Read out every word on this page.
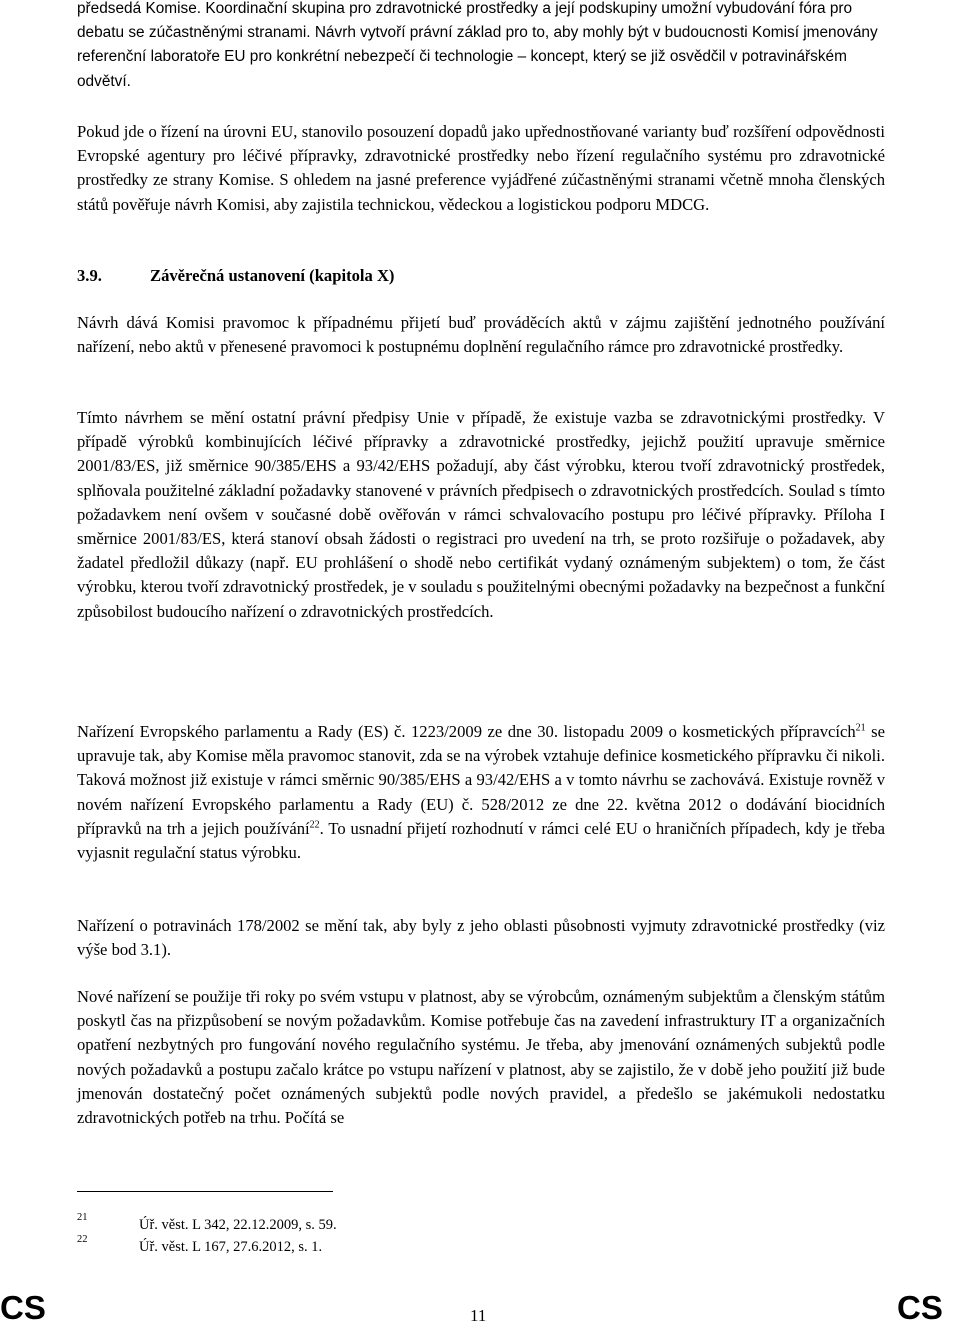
předsedá Komise. Koordinační skupina pro zdravotnické prostředky a její podskupiny umožní vybudování fóra pro debatu se zúčastněnými stranami. Návrh vytvoří právní základ pro to, aby mohly být v budoucnosti Komisí jmenovány referenční laboratoře EU pro konkrétní nebezpečí či technologie – koncept, který se již osvědčil v potravinářském odvětví.

Pokud jde o řízení na úrovni EU, stanovilo posouzení dopadů jako upřednostňované varianty buď rozšíření odpovědnosti Evropské agentury pro léčivé přípravky, zdravotnické prostředky nebo řízení regulačního systému pro zdravotnické prostředky ze strany Komise. S ohledem na jasné preference vyjádřené zúčastněnými stranami včetně mnoha členských států pověřuje návrh Komisi, aby zajistila technickou, vědeckou a logistickou podporu MDCG.

3.9.	Závěrečná ustanovení (kapitola X)

Návrh dává Komisi pravomoc k případnému přijetí buď prováděcích aktů v zájmu zajištění jednotného používání nařízení, nebo aktů v přenesené pravomoci k postupnému doplnění regulačního rámce pro zdravotnické prostředky.

Tímto návrhem se mění ostatní právní předpisy Unie v případě, že existuje vazba se zdravotnickými prostředky. V případě výrobků kombinujících léčivé přípravky a zdravotnické prostředky, jejichž použití upravuje směrnice 2001/83/ES, již směrnice 90/385/EHS a 93/42/EHS požadují, aby část výrobku, kterou tvoří zdravotnický prostředek, splňovala použitelné základní požadavky stanovené v právních předpisech o zdravotnických prostředcích. Soulad s tímto požadavkem není ovšem v současné době ověřován v rámci schvalovacího postupu pro léčivé přípravky. Příloha I směrnice 2001/83/ES, která stanoví obsah žádosti o registraci pro uvedení na trh, se proto rozšiřuje o požadavek, aby žadatel předložil důkazy (např. EU prohlášení o shodě nebo certifikát vydaný oznámeným subjektem) o tom, že část výrobku, kterou tvoří zdravotnický prostředek, je v souladu s použitelnými obecnými požadavky na bezpečnost a funkční způsobilost budoucího nařízení o zdravotnických prostředcích.

Nařízení Evropského parlamentu a Rady (ES) č. 1223/2009 ze dne 30. listopadu 2009 o kosmetických přípravcích$^{21}$ se upravuje tak, aby Komise měla pravomoc stanovit, zda se na výrobek vztahuje definice kosmetického přípravku či nikoli. Taková možnost již existuje v rámci směrnic 90/385/EHS a 93/42/EHS a v tomto návrhu se zachovává. Existuje rovněž v novém nařízení Evropského parlamentu a Rady (EU) č. 528/2012 ze dne 22. května 2012 o dodávání biocidních přípravků na trh a jejich používání$^{22}$. To usnadní přijetí rozhodnutí v rámci celé EU o hraničních případech, kdy je třeba vyjasnit regulační status výrobku.

Nařízení o potravinách 178/2002 se mění tak, aby byly z jeho oblasti působnosti vyjmuty zdravotnické prostředky (viz výše bod 3.1).

Nové nařízení se použije tři roky po svém vstupu v platnost, aby se výrobcům, oznámeným subjektům a členským státům poskytl čas na přizpůsobení se novým požadavkům. Komise potřebuje čas na zavedení infrastruktury IT a organizačních opatření nezbytných pro fungování nového regulačního systému. Je třeba, aby jmenování oznámených subjektů podle nových požadavků a postupu začalo krátce po vstupu nařízení v platnost, aby se zajistilo, že v době jeho použití již bude jmenován dostatečný počet oznámených subjektů podle nových pravidel, a předešlo se jakémukoli nedostatku zdravotnických potřeb na trhu. Počítá se

21	Úř. věst. L 342, 22.12.2009, s. 59.
22	Úř. věst. L 167, 27.6.2012, s. 1.
CS	11	CS
